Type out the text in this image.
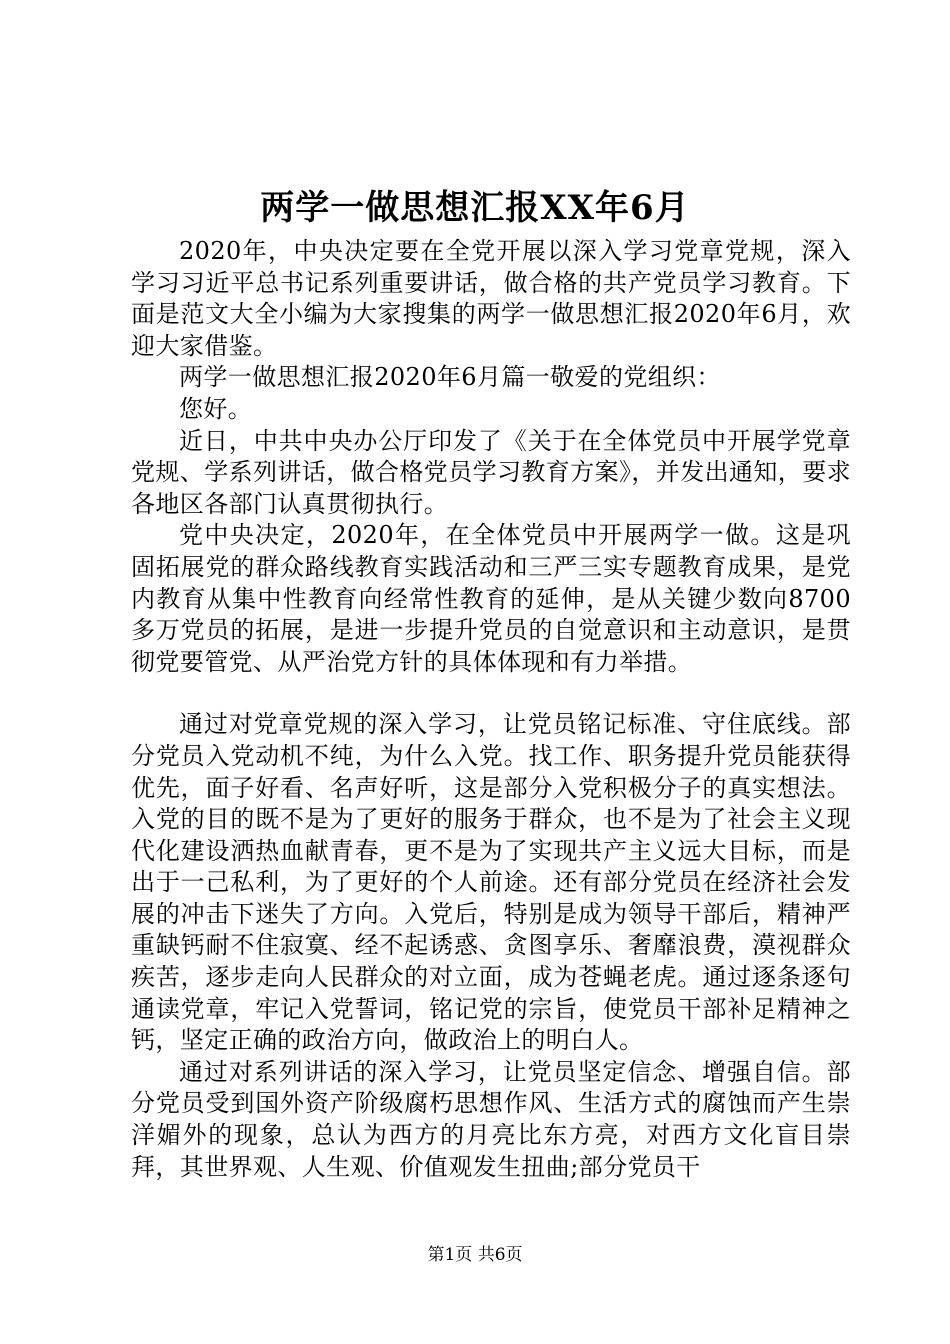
两学一做思想汇报XX年6月

2020年，中央决定要在全党开展以深入学习党章党规，深入学习习近平总书记系列重要讲话，做合格的共产党员学习教育。下面是范文大全小编为大家搜集的两学一做思想汇报2020年6月，欢迎大家借鉴。

两学一做思想汇报2020年6月篇一敬爱的党组织：

您好。

近日，中共中央办公厅印发了《关于在全体党员中开展学党章党规、学系列讲话，做合格党员学习教育方案》，并发出通知，要求各地区各部门认真贯彻执行。

党中央决定，2020年，在全体党员中开展两学一做。这是巩固拓展党的群众路线教育实践活动和三严三实专题教育成果，是党内教育从集中性教育向经常性教育的延伸，是从关键少数向8700多万党员的拓展，是进一步提升党员的自觉意识和主动意识，是贯彻党要管党、从严治党方针的具体体现和有力举措。

通过对党章党规的深入学习，让党员铭记标准、守住底线。部分党员入党动机不纯，为什么入党。找工作、职务提升党员能获得优先，面子好看、名声好听，这是部分入党积极分子的真实想法。入党的目的既不是为了更好的服务于群众，也不是为了社会主义现代化建设洒热血献青春，更不是为了实现共产主义远大目标，而是出于一己私利，为了更好的个人前途。还有部分党员在经济社会发展的冲击下迷失了方向。入党后，特别是成为领导干部后，精神严重缺钙耐不住寂寞、经不起诱惑、贪图享乐、奢靡浪费，漠视群众疾苦，逐步走向人民群众的对立面，成为苍蝇老虎。通过逐条逐句通读党章，牢记入党誓词，铭记党的宗旨，使党员干部补足精神之钙，坚定正确的政治方向，做政治上的明白人。

通过对系列讲话的深入学习，让党员坚定信念、增强自信。部分党员受到国外资产阶级腐朽思想作风、生活方式的腐蚀而产生崇洋媚外的现象，总认为西方的月亮比东方亮，对西方文化盲目崇拜，其世界观、人生观、价值观发生扭曲;部分党员干

第1页 共6页
